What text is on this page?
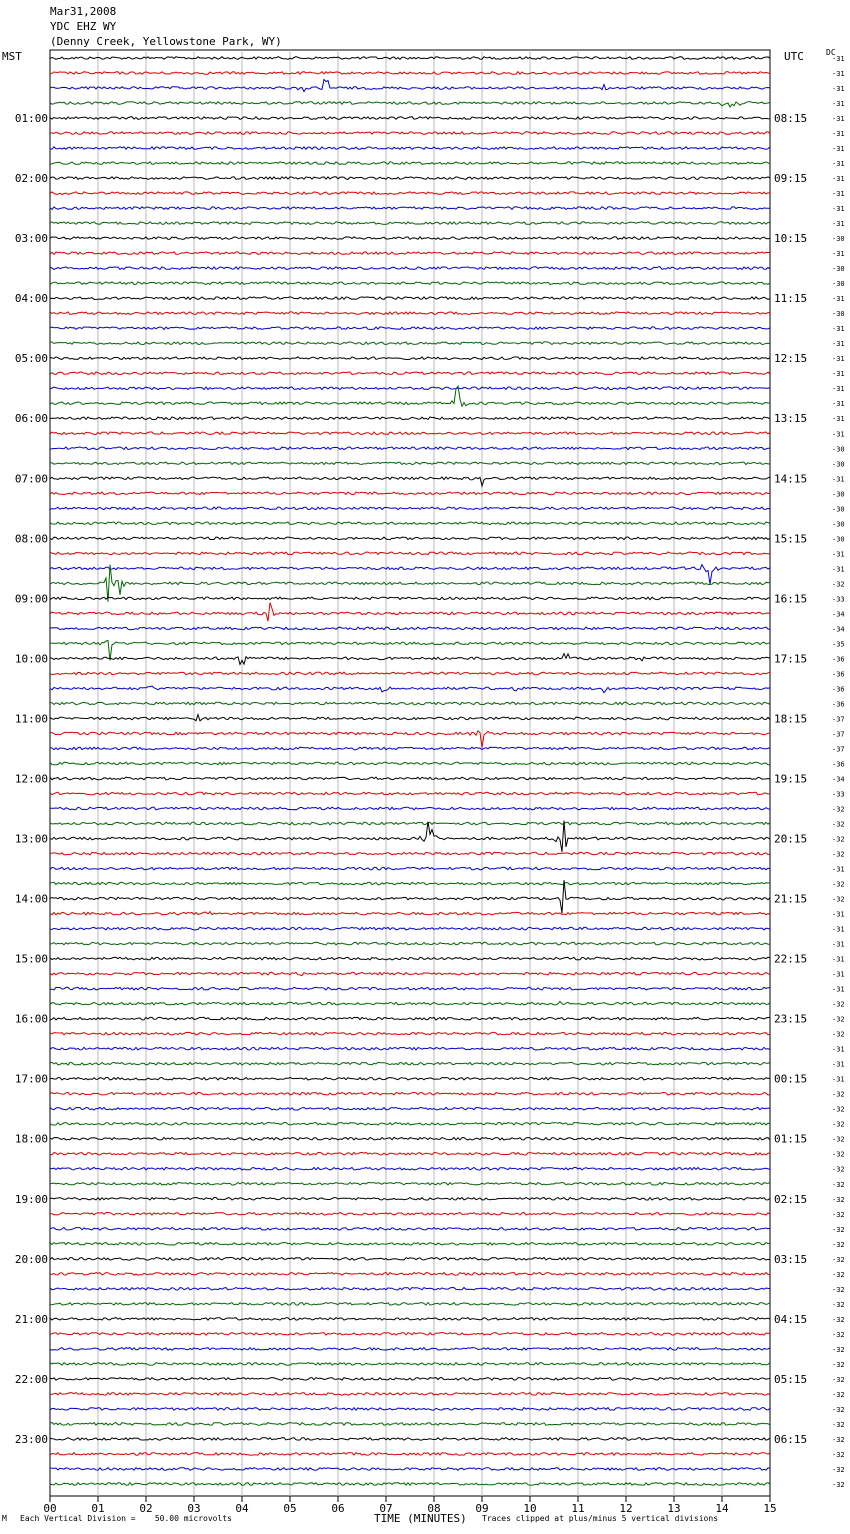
Mar31,2008
YDC EHZ WY
(Denny Creek, Yellowstone Park, WY)
MST	UTC	DC
01:00
02:00
03:00
04:00
05:00
06:00
07:00
08:00
09:00
10:00
11:00
12:00
13:00
14:00
15:00
16:00
17:00
18:00
19:00
20:00
21:00
22:00
23:00
08:15
09:15
10:15
11:15
12:15
13:15
14:15
15:15
16:15
17:15
18:15
19:15
20:15
21:15
22:15
23:15
00:15
01:15
02:15
03:15
04:15
05:15
06:15
-31
-31
-31
-31
-31
-31
-31
-31
-31
-31
-31
-31
-30
-31
-30
-30
-31
-30
-31
-31
-31
-31
-31
-31
-31
-31
-30
-30
-31
-30
-30
-30
-30
-31
-31
-32
-33
-34
-34
-35
-36
-36
-36
-36
-37
-37
-37
-36
-34
-33
-32
-32
-32
-32
-31
-32
-32
-31
-31
-31
-31
-31
-31
-32
-32
-32
-31
-31
-31
-32
-32
-32
-32
-32
-32
-32
-32
-32
-32
-32
-32
-32
-32
-32
-32
-32
-32
-32
-32
-32
-32
-32
-32
-32
-32
-32
00	01	02	03	04	05	06	07	08	09	10	11	12	13	14	15
M Each Vertical Division =    50.00 microvolts	TIME (MINUTES) Traces clipped at plus/minus 5 vertical divisions
